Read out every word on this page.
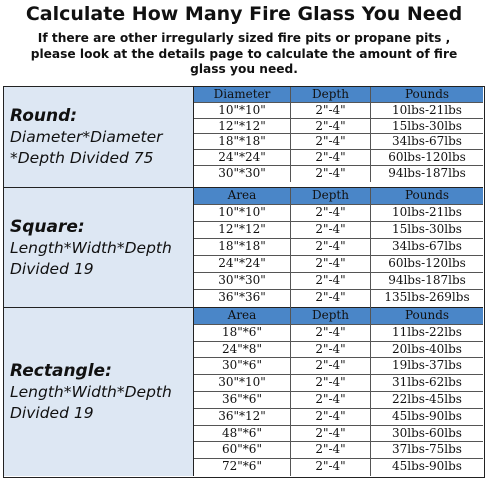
Calculate How Many Fire Glass You Need
If there are other irregularly sized fire pits or propane pits , please look at the details page to calculate the amount of fire glass you need.
Round:
Diameter*Diameter
*Depth Divided 75
Diameter	Depth	Pounds
10"*10"	2"-4"	10lbs-21lbs
12"*12"	2"-4"	15lbs-30lbs
18"*18"	2"-4"	34lbs-67lbs
24"*24"	2"-4"	60lbs-120lbs
30"*30"	2"-4"	94lbs-187lbs
Square:
Length*Width*Depth
Divided 19
Area	Depth	Pounds
10"*10"	2"-4"	10lbs-21lbs
12"*12"	2"-4"	15lbs-30lbs
18"*18"	2"-4"	34lbs-67lbs
24"*24"	2"-4"	60lbs-120lbs
30"*30"	2"-4"	94lbs-187lbs
36"*36"	2"-4"	135lbs-269lbs
Rectangle:
Length*Width*Depth
Divided 19
Area	Depth	Pounds
18"*6"	2"-4"	11lbs-22lbs
24"*8"	2"-4"	20lbs-40lbs
30"*6"	2"-4"	19lbs-37lbs
30"*10"	2"-4"	31lbs-62lbs
36"*6"	2"-4"	22lbs-45lbs
36"*12"	2"-4"	45lbs-90lbs
48"*6"	2"-4"	30lbs-60lbs
60"*6"	2"-4"	37lbs-75lbs
72"*6"	2"-4"	45lbs-90lbs
